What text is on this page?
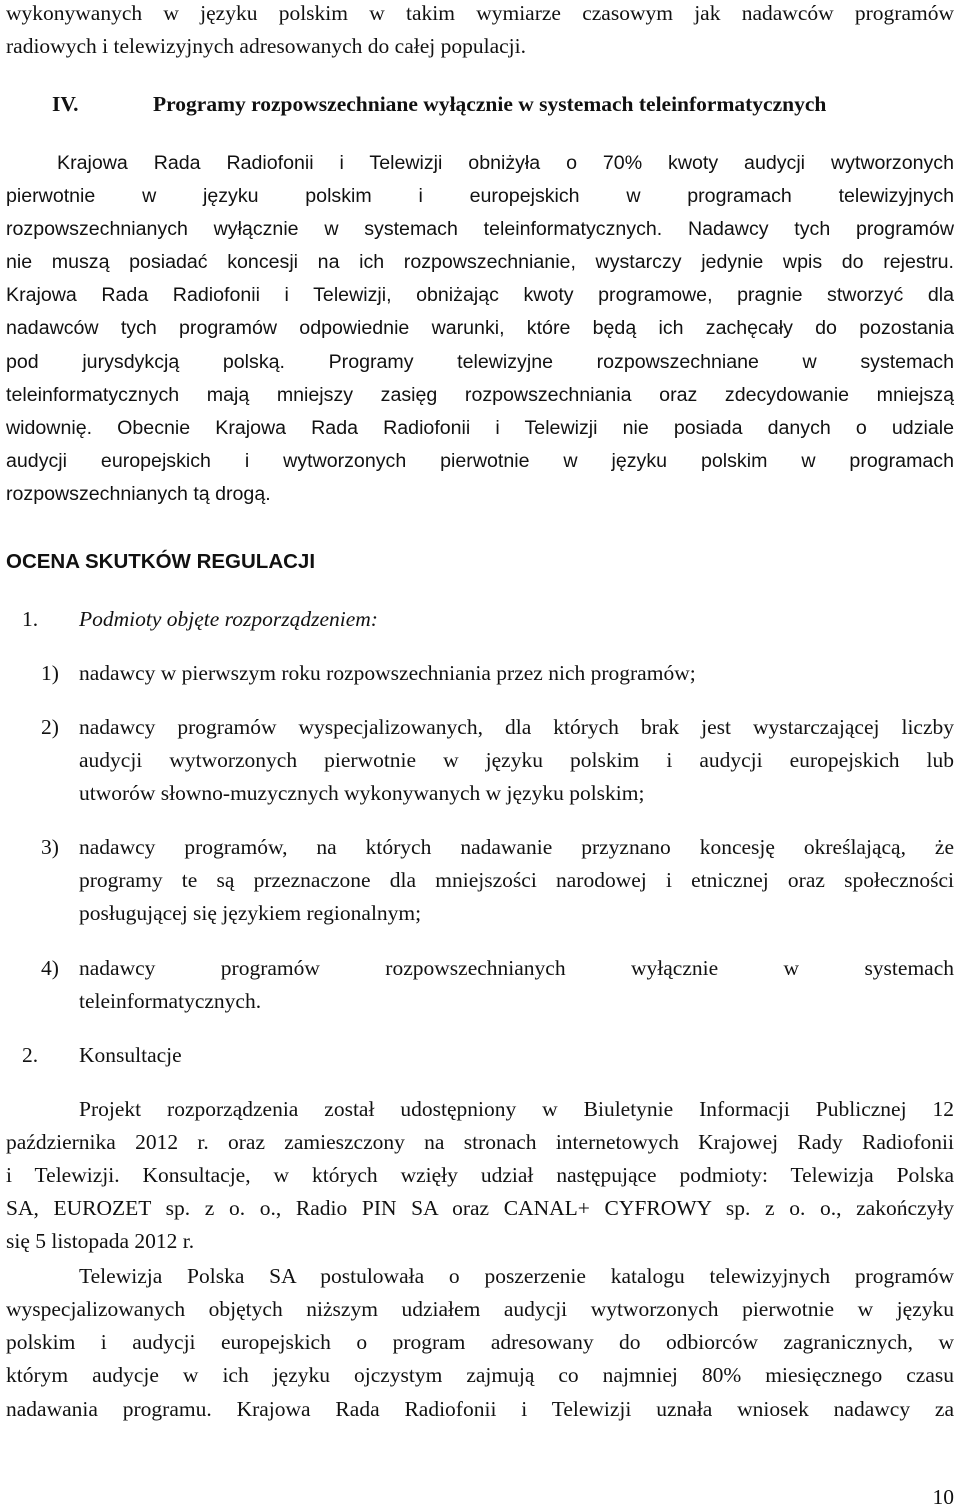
wykonywanych w języku polskim w takim wymiarze czasowym jak nadawców programów
radiowych i telewizyjnych adresowanych do całej populacji.
IV.	Programy rozpowszechniane wyłącznie w systemach teleinformatycznych
Krajowa Rada Radiofonii i Telewizji obniżyła o 70% kwoty audycji wytworzonych
pierwotnie w języku polskim i europejskich w programach telewizyjnych
rozpowszechnianych wyłącznie w systemach teleinformatycznych. Nadawcy tych programów
nie muszą posiadać koncesji na ich rozpowszechnianie, wystarczy jedynie wpis do rejestru.
Krajowa Rada Radiofonii i Telewizji, obniżając kwoty programowe, pragnie stworzyć dla
nadawców tych programów odpowiednie warunki, które będą ich zachęcały do pozostania
pod jurysdykcją polską. Programy telewizyjne rozpowszechniane w systemach
teleinformatycznych mają mniejszy zasięg rozpowszechniania oraz zdecydowanie mniejszą
widownię. Obecnie Krajowa Rada Radiofonii i Telewizji nie posiada danych o udziale
audycji europejskich i wytworzonych pierwotnie w języku polskim w programach
rozpowszechnianych tą drogą.
OCENA SKUTKÓW REGULACJI
1. Podmioty objęte rozporządzeniem:
1) nadawcy w pierwszym roku rozpowszechniania przez nich programów;
2) nadawcy programów wyspecjalizowanych, dla których brak jest wystarczającej liczby
audycji wytworzonych pierwotnie w języku polskim i audycji europejskich lub
utworów słowno-muzycznych wykonywanych w języku polskim;
3) nadawcy programów, na których nadawanie przyznano koncesję określającą, że
programy te są przeznaczone dla mniejszości narodowej i etnicznej oraz społeczności
posługującej się językiem regionalnym;
4) nadawcy programów rozpowszechnianych wyłącznie w systemach
teleinformatycznych.
2. Konsultacje
Projekt rozporządzenia został udostępniony w Biuletynie Informacji Publicznej 12
października 2012 r. oraz zamieszczony na stronach internetowych Krajowej Rady Radiofonii
i Telewizji. Konsultacje, w których wzięły udział następujące podmioty: Telewizja Polska
SA, EUROZET sp. z o. o., Radio PIN SA oraz CANAL+ CYFROWY sp. z o. o., zakończyły
się 5 listopada 2012 r.
Telewizja Polska SA postulowała o poszerzenie katalogu telewizyjnych programów
wyspecjalizowanych objętych niższym udziałem audycji wytworzonych pierwotnie w języku
polskim i audycji europejskich o program adresowany do odbiorców zagranicznych, w
którym audycje w ich języku ojczystym zajmują co najmniej 80% miesięcznego czasu
nadawania programu. Krajowa Rada Radiofonii i Telewizji uznała wniosek nadawcy za
10
